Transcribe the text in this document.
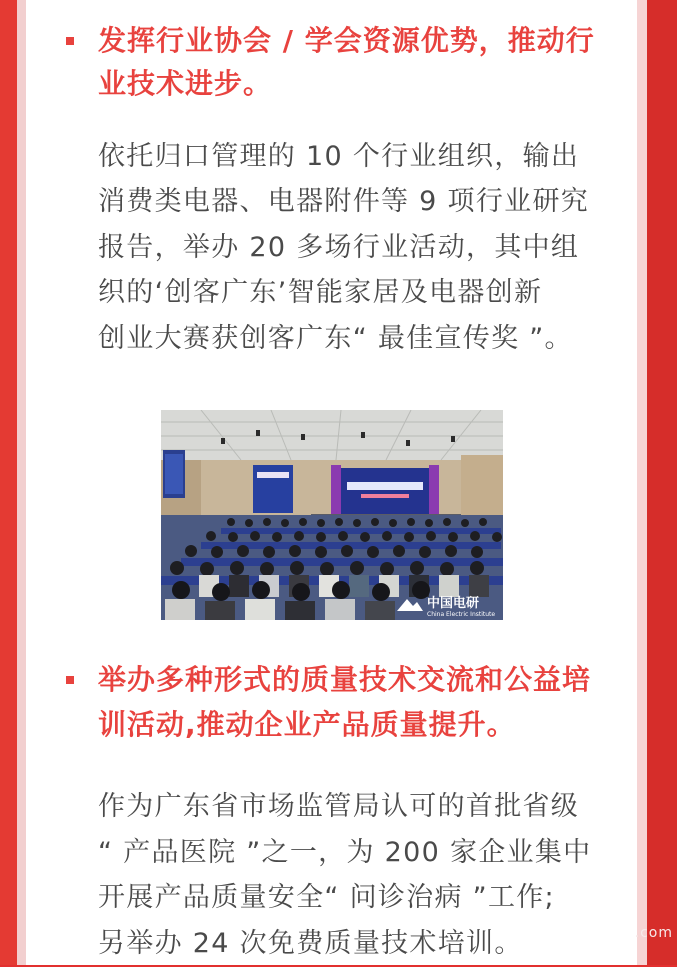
发挥行业协会 / 学会资源优势，推动行
业技术进步。

依托归口管理的 10 个行业组织，输出

消费类电器、电器附件等 9 项行业研究

报告，举办 20 多场行业活动，其中组

织的‘创客广东’智能家居及电器创新

创业大赛获创客广东“ 最佳宣传奖 ”。

中国电研
China Electric Institute
举办多种形式的质量技术交流和公益培
训活动,推动企业产品质量提升。

作为广东省市场监管局认可的首批省级

“ 产品医院 ”之一，为 200 家企业集中

开展产品质量安全“ 问诊治病 ”工作;

另举办 24 次免费质量技术培训。	.com
